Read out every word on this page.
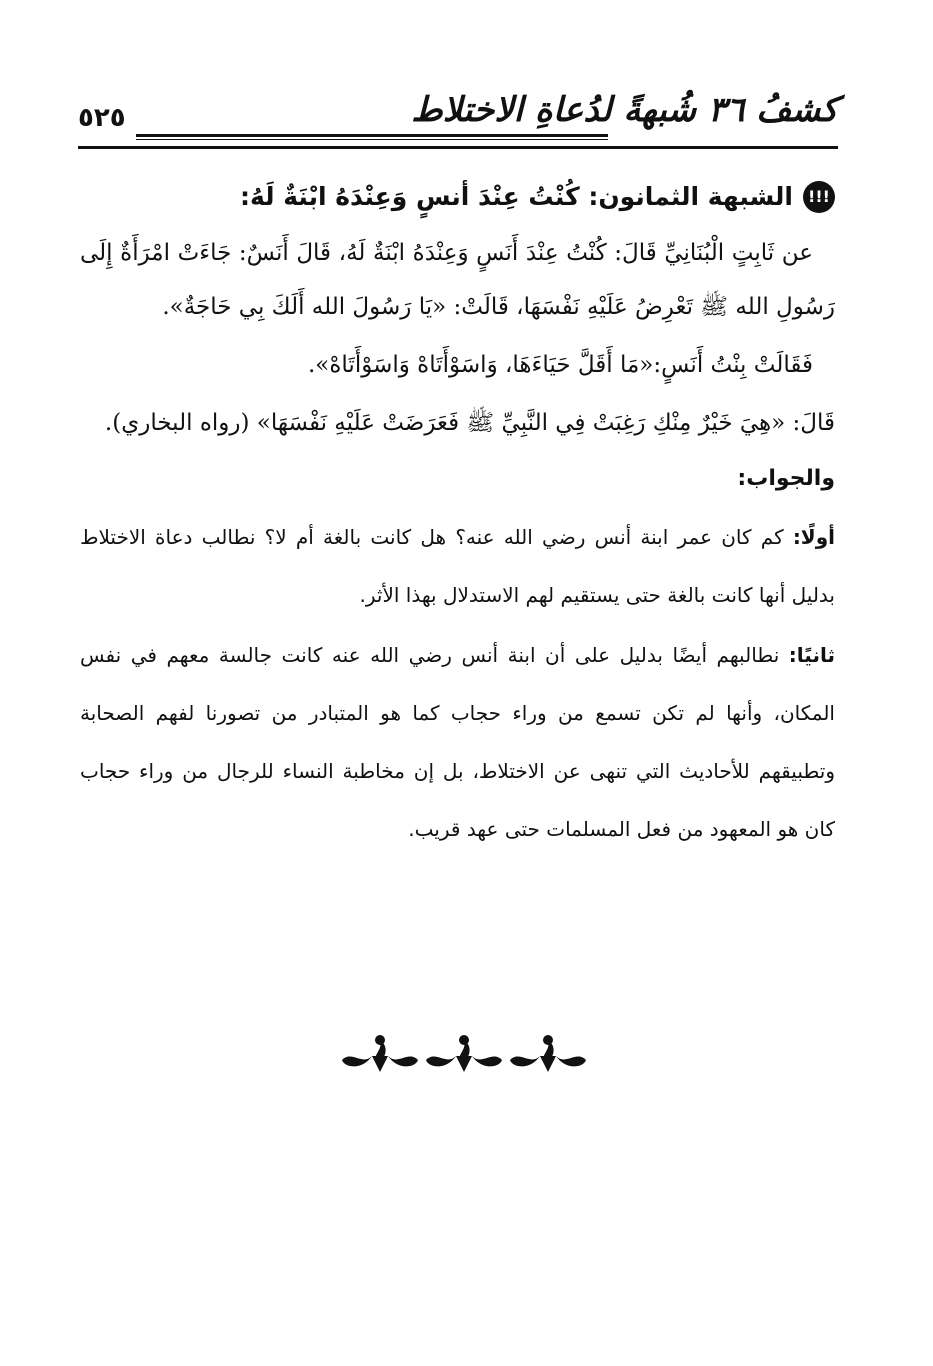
كشفُ ٣٦ شُبهةً لدُعاةِ الاختلاط
٥٢٥
!!!
الشبهة الثمانون: كُنْتُ عِنْدَ أنسٍ وَعِنْدَهُ ابْنَةٌ لَهُ:

عن ثَابِتٍ الْبُنَانِيِّ قَالَ: كُنْتُ عِنْدَ أَنَسٍ وَعِنْدَهُ ابْنَةٌ لَهُ، قَالَ أَنَسٌ: جَاءَتْ امْرَأَةٌ إِلَى رَسُولِ الله ﷺ تَعْرِضُ عَلَيْهِ نَفْسَهَا، قَالَتْ: «يَا رَسُولَ الله أَلَكَ بِي حَاجَةٌ».

فَقَالَتْ بِنْتُ أَنَسٍ:«مَا أَقَلَّ حَيَاءَهَا، وَاسَوْأَتَاهْ وَاسَوْأَتَاهْ».

قَالَ: «هِيَ خَيْرٌ مِنْكِ رَغِبَتْ فِي النَّبِيِّ ﷺ فَعَرَضَتْ عَلَيْهِ نَفْسَهَا» (رواه البخاري).

والجواب:

أولًا: كم كان عمر ابنة أنس رضي الله عنه؟ هل كانت بالغة أم لا؟ نطالب دعاة الاختلاط بدليل أنها كانت بالغة حتى يستقيم لهم الاستدلال بهذا الأثر.

ثانيًا: نطالبهم أيضًا بدليل على أن ابنة أنس رضي الله عنه كانت جالسة معهم في نفس المكان، وأنها لم تكن تسمع من وراء حجاب كما هو المتبادر من تصورنا لفهم الصحابة وتطبيقهم للأحاديث التي تنهى عن الاختلاط، بل إن مخاطبة النساء للرجال من وراء حجاب كان هو المعهود من فعل المسلمات حتى عهد قريب.
